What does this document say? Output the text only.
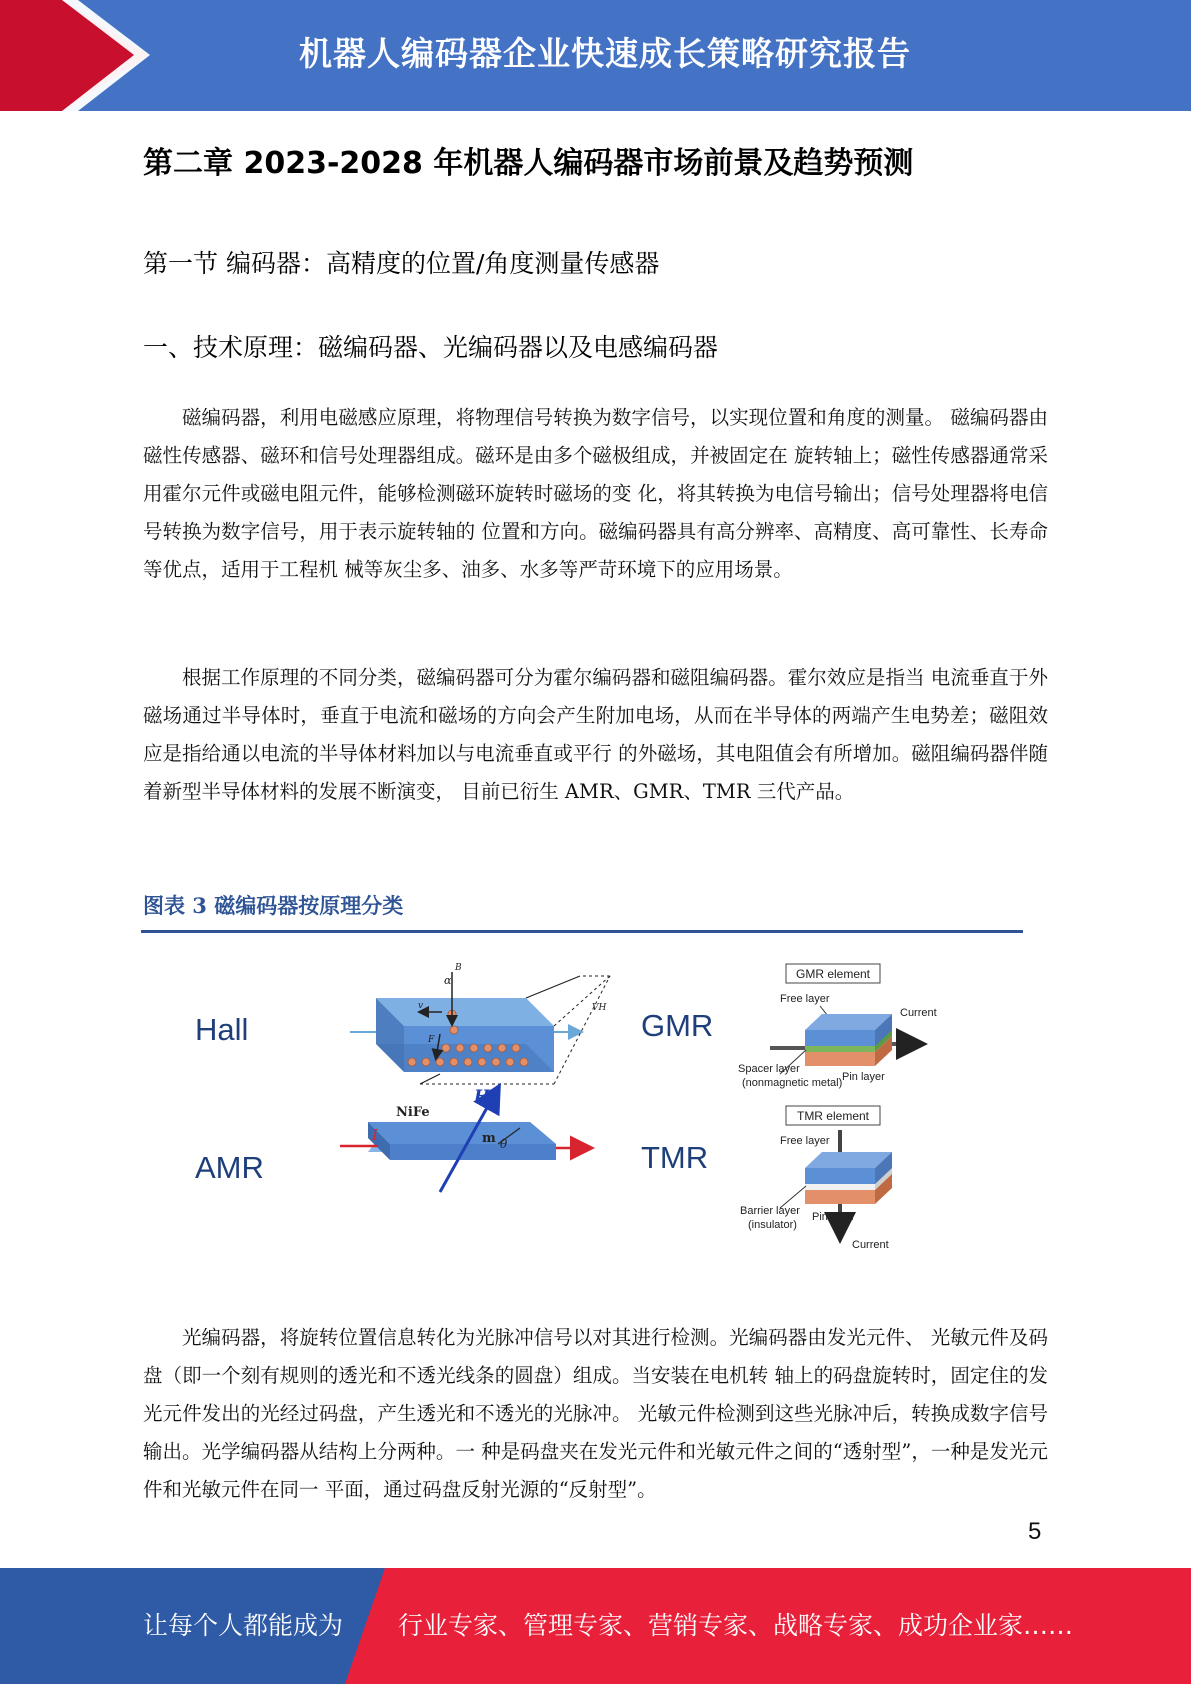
机器人编码器企业快速成长策略研究报告
第二章 2023-2028 年机器人编码器市场前景及趋势预测
第一节 编码器：高精度的位置/角度测量传感器
一、技术原理：磁编码器、光编码器以及电感编码器

磁编码器，利用电磁感应原理，将物理信号转换为数字信号，以实现位置和角度的测量。 磁编码器由磁性传感器、磁环和信号处理器组成。磁环是由多个磁极组成，并被固定在 旋转轴上；磁性传感器通常采用霍尔元件或磁电阻元件，能够检测磁环旋转时磁场的变 化，将其转换为电信号输出；信号处理器将电信号转换为数字信号，用于表示旋转轴的 位置和方向。磁编码器具有高分辨率、高精度、高可靠性、长寿命等优点，适用于工程机 械等灰尘多、油多、水多等严苛环境下的应用场景。

根据工作原理的不同分类，磁编码器可分为霍尔编码器和磁阻编码器。霍尔效应是指当 电流垂直于外磁场通过半导体时，垂直于电流和磁场的方向会产生附加电场，从而在半导体的两端产生电势差；磁阻效应是指给通以电流的半导体材料加以与电流垂直或平行 的外磁场，其电阻值会有所增加。磁阻编码器伴随着新型半导体材料的发展不断演变， 目前已衍生 AMR、GMR、TMR 三代产品。

图表 3 磁编码器按原理分类
Hall
AMR
GMR
TMR
α
B
v
F
VH
NiFe
H
m θ
I
GMR element
Free layer
Current
Spacer layer
(nonmagnetic metal) Pin layer
TMR element
Free layer
Barrier layer
(insulator)
Pin layer
Current

光编码器，将旋转位置信息转化为光脉冲信号以对其进行检测。光编码器由发光元件、 光敏元件及码盘（即一个刻有规则的透光和不透光线条的圆盘）组成。当安装在电机转 轴上的码盘旋转时，固定住的发光元件发出的光经过码盘，产生透光和不透光的光脉冲。 光敏元件检测到这些光脉冲后，转换成数字信号输出。光学编码器从结构上分两种。一 种是码盘夹在发光元件和光敏元件之间的“透射型”，一种是发光元件和光敏元件在同一 平面，通过码盘反射光源的“反射型”。

5
让每个人都能成为 行业专家、管理专家、营销专家、战略专家、成功企业家……
